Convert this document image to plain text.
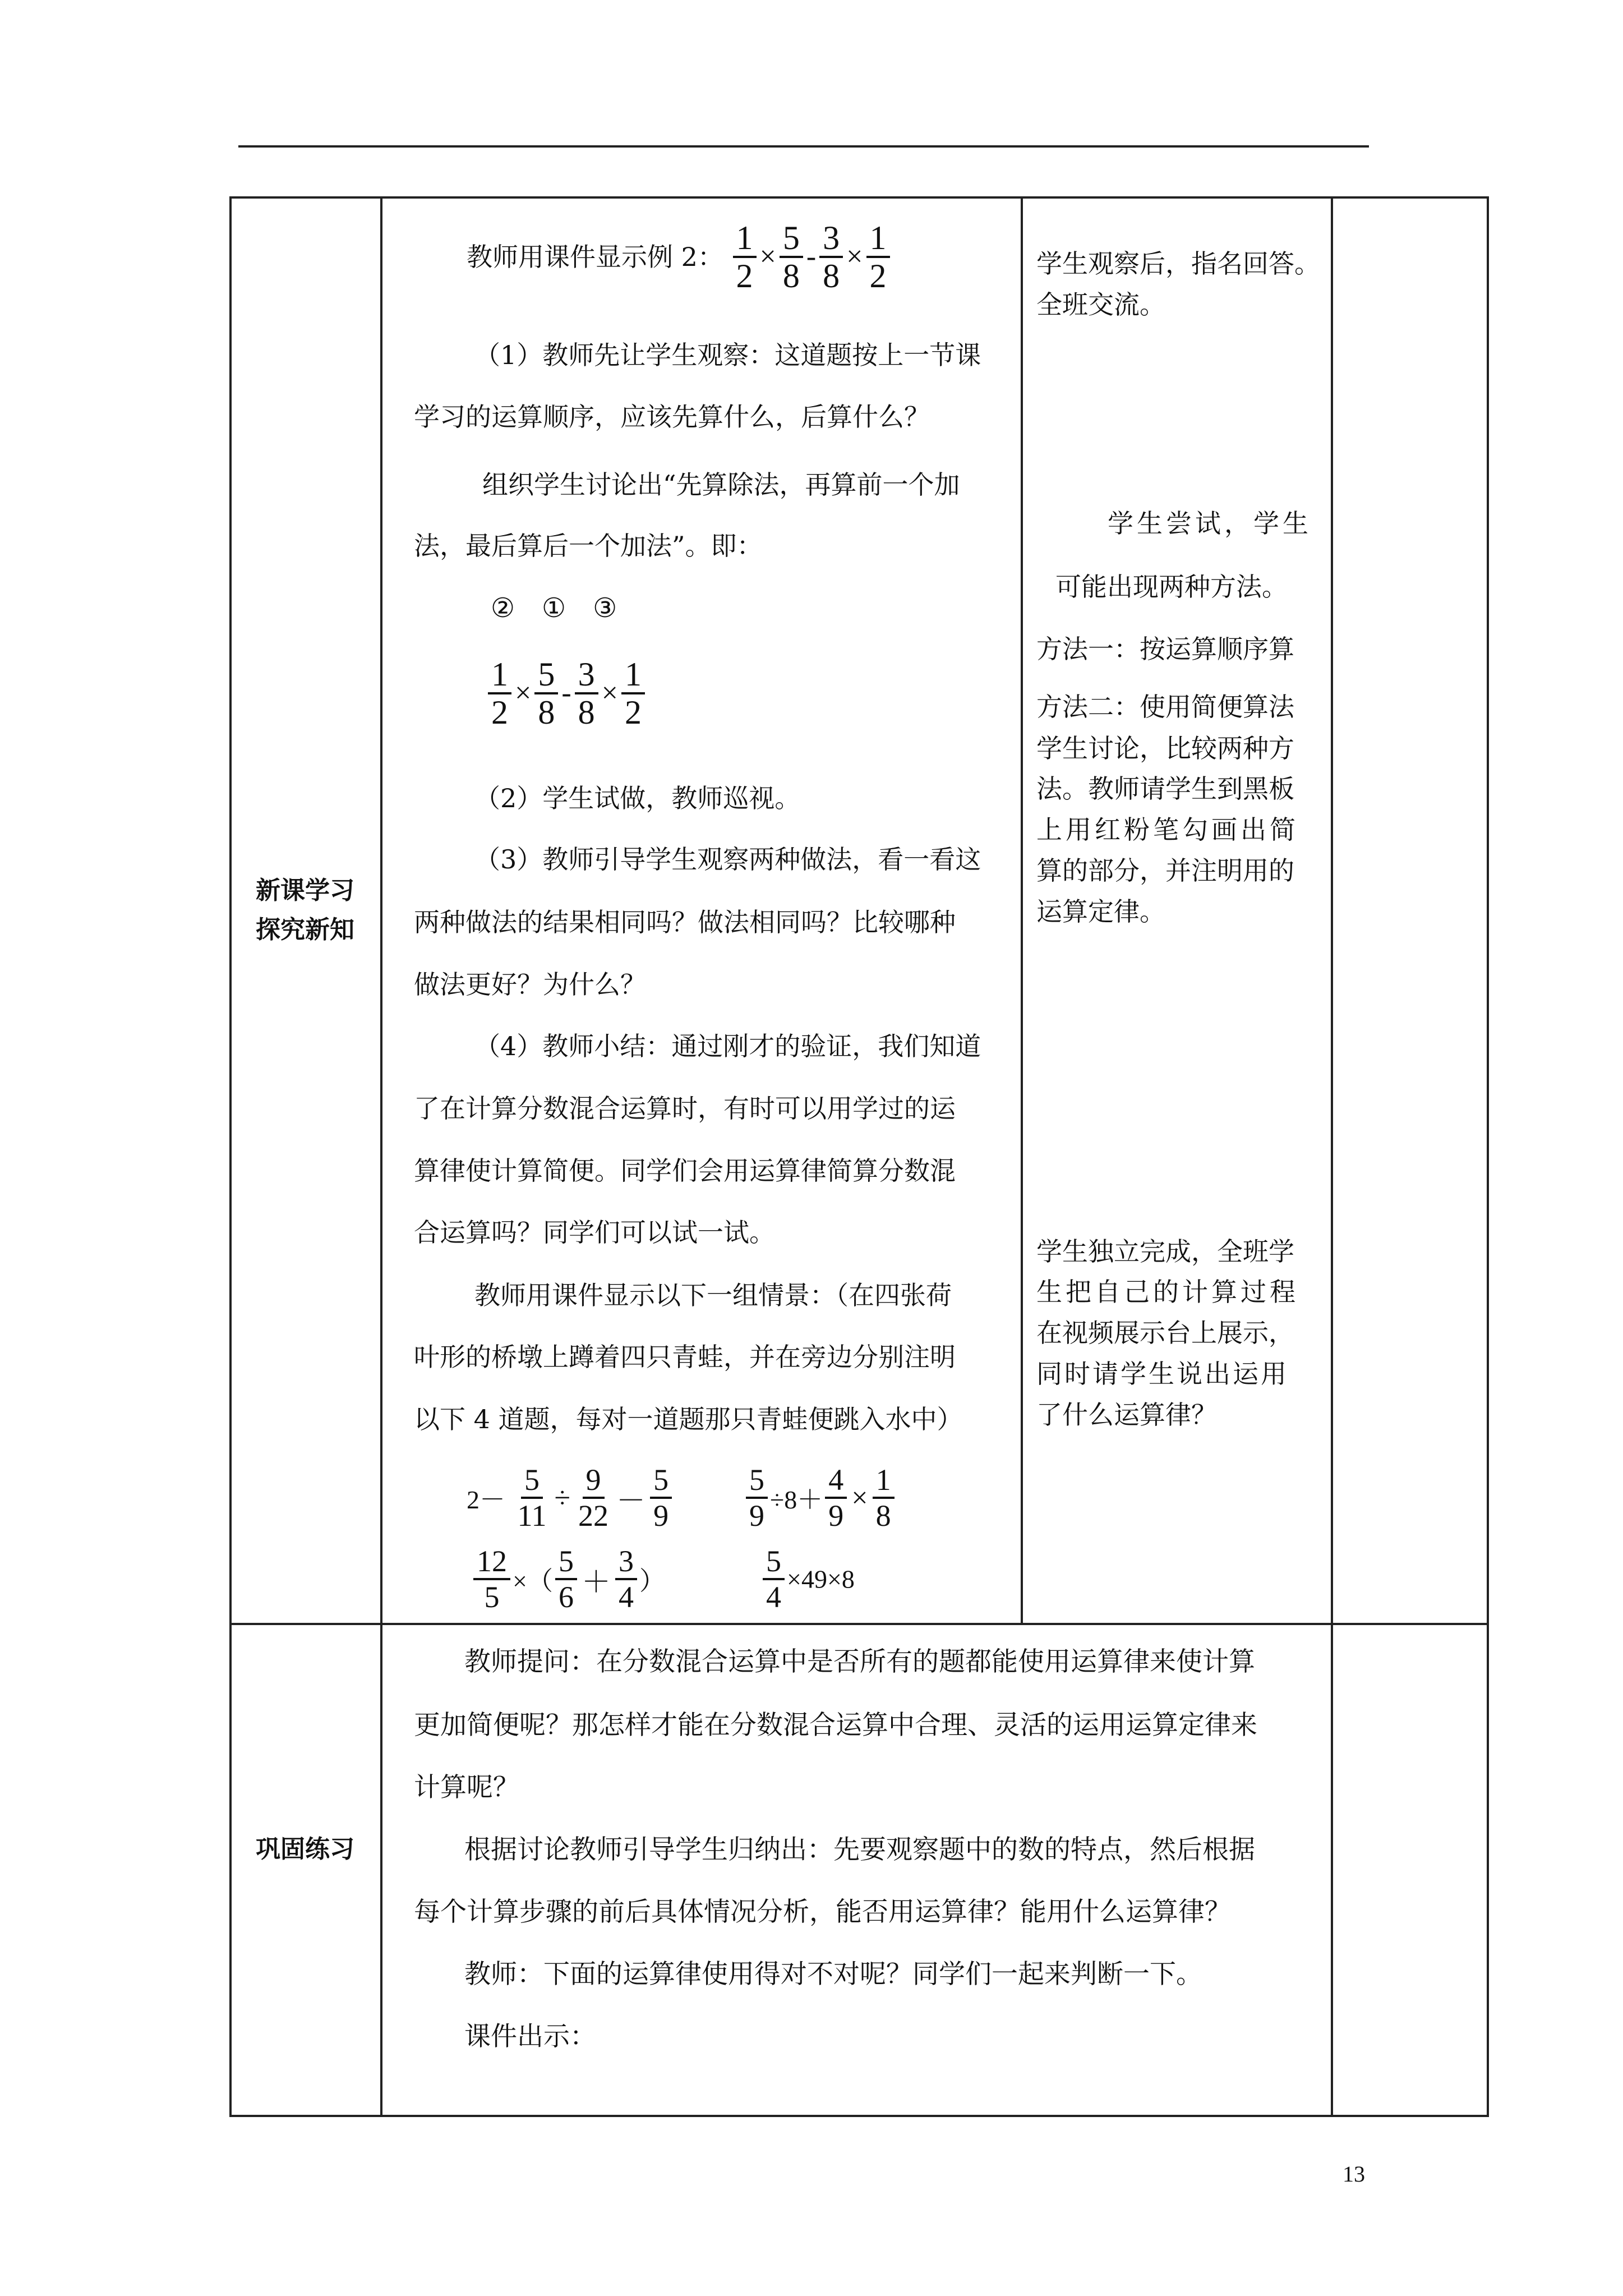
新课学习
探究新知
巩固练习
教师用课件显示例 2： $\frac{1}{2} \times \frac{5}{8} - \frac{3}{8} \times \frac{1}{2}$
（1）教师先让学生观察：这道题按上一节课
学习的运算顺序，应该先算什么，后算什么？
组织学生讨论出“先算除法，再算前一个加
法，最后算后一个加法”。即：
②　①　③
$\frac{1}{2} \times \frac{5}{8} - \frac{3}{8} \times \frac{1}{2}$
（2）学生试做，教师巡视。
（3）教师引导学生观察两种做法，看一看这
两种做法的结果相同吗？做法相同吗？比较哪种
做法更好？为什么？
（4）教师小结：通过刚才的验证，我们知道
了在计算分数混合运算时，有时可以用学过的运
算律使计算简便。同学们会用运算律简算分数混
合运算吗？同学们可以试一试。
教师用课件显示以下一组情景：（在四张荷
叶形的桥墩上蹲着四只青蛙，并在旁边分别注明
以下 4 道题，每对一道题那只青蛙便跳入水中）
$2- \frac{5}{11} \div \frac{9}{22} - \frac{5}{9} \frac{5}{9} \div 8+ \frac{4}{9} \times \frac{1}{8}$
$\frac{12}{5}$ ×（ $\frac{5}{6} + \frac{3}{4}$ ）	$\frac{5}{4} \times 49\times 8$
学生观察后，指名回答。
全班交流。
学生尝试，学生
可能出现两种方法。
方法一：按运算顺序算
方法二：使用简便算法
学生讨论，比较两种方
法。教师请学生到黑板
上用红粉笔勾画出简
算的部分，并注明用的
运算定律。
学生独立完成，全班学
生把自己的计算过程
在视频展示台上展示，
同时请学生说出运用
了什么运算律？
教师提问：在分数混合运算中是否所有的题都能使用运算律来使计算
更加简便呢？那怎样才能在分数混合运算中合理、灵活的运用运算定律来
计算呢？
根据讨论教师引导学生归纳出：先要观察题中的数的特点，然后根据
每个计算步骤的前后具体情况分析，能否用运算律？能用什么运算律？
教师：下面的运算律使用得对不对呢？同学们一起来判断一下。
课件出示：
13
